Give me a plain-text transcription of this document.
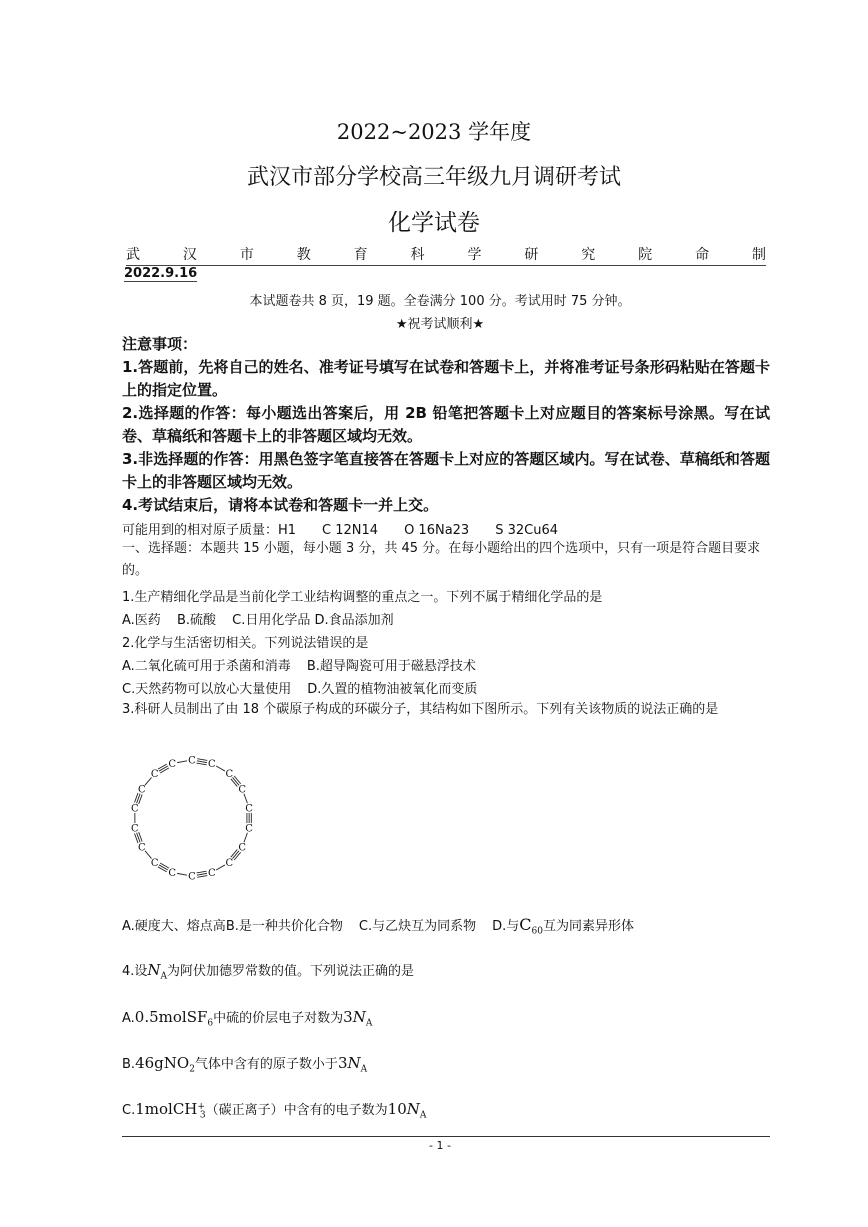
2022~2023 学年度
武汉市部分学校高三年级九月调研考试
化学试卷
武	汉	市	教	育	科	学	研	究	院	命	制
2022.9.16
本试题卷共 8 页，19 题。全卷满分 100 分。考试用时 75 分钟。
★祝考试顺利★
注意事项：
1.答题前，先将自己的姓名、准考证号填写在试卷和答题卡上，并将准考证号条形码粘贴在答题卡上的指定位置。
2.选择题的作答：每小题选出答案后，用 2B 铅笔把答题卡上对应题目的答案标号涂黑。写在试卷、草稿纸和答题卡上的非答题区域均无效。
3.非选择题的作答：用黑色签字笔直接答在答题卡上对应的答题区域内。写在试卷、草稿纸和答题卡上的非答题区域均无效。
4.考试结束后，请将本试卷和答题卡一并上交。
可能用到的相对原子质量：H1　　C 12N14　　O 16Na23　　S 32Cu64
一、选择题：本题共 15 小题，每小题 3 分，共 45 分。在每小题给出的四个选项中，只有一项是符合题目要求的。
1.生产精细化学品是当前化学工业结构调整的重点之一。下列不属于精细化学品的是
A.医药 B.硫酸 C.日用化学品 D.食品添加剂
2.化学与生活密切相关。下列说法错误的是
A.二氧化硫可用于杀菌和消毒 B.超导陶瓷可用于磁悬浮技术
C.天然药物可以放心大量使用 D.久置的植物油被氧化而变质
3.科研人员制出了由 18 个碳原子构成的环碳分子，其结构如下图所示。下列有关该物质的说法正确的是
C C
C
C
C
C
C
C
C
C
C
C
C
C
C
C
C
C
A.硬度大、熔点高B.是一种共价化合物 C.与乙炔互为同系物 D.与$C_{60}$互为同素异形体
4.设$N_A$为阿伏加德罗常数的值。下列说法正确的是
A.0.5molSF$_6$中硫的价层电子对数为$3N_A$
B.46gNO$_2$气体中含有的原子数小于$3N_A$
C.1molCH+$_3$（碳正离子）中含有的电子数为$10N_A$
- 1 -
